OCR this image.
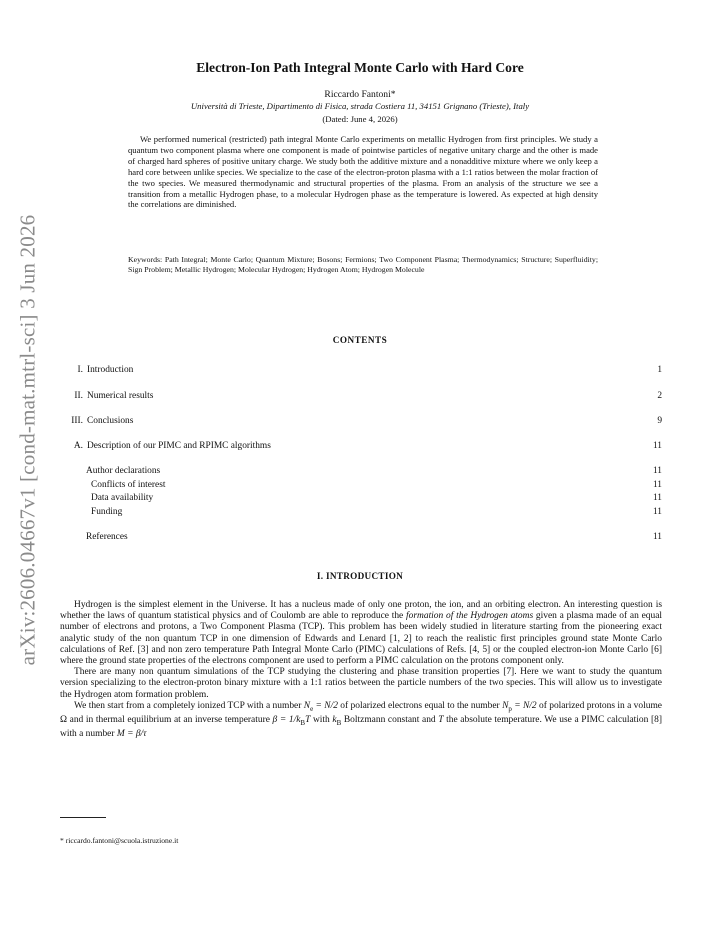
arXiv:2606.04667v1 [cond-mat.mtrl-sci] 3 Jun 2026
Electron-Ion Path Integral Monte Carlo with Hard Core
Riccardo Fantoni*
Università di Trieste, Dipartimento di Fisica, strada Costiera 11, 34151 Grignano (Trieste), Italy
(Dated: June 4, 2026)

We performed numerical (restricted) path integral Monte Carlo experiments on metallic Hydrogen from first principles. We study a quantum two component plasma where one component is made of pointwise particles of negative unitary charge and the other is made of charged hard spheres of positive unitary charge. We study both the additive mixture and a nonadditive mixture where we only keep a hard core between unlike species. We specialize to the case of the electron-proton plasma with a 1:1 ratios between the molar fraction of the two species. We measured thermodynamic and structural properties of the plasma. From an analysis of the structure we see a transition from a metallic Hydrogen phase, to a molecular Hydrogen phase as the temperature is lowered. As expected at high density the correlations are diminished.

Keywords: Path Integral; Monte Carlo; Quantum Mixture; Bosons; Fermions; Two Component Plasma; Thermodynamics; Structure; Superfluidity; Sign Problem; Metallic Hydrogen; Molecular Hydrogen; Hydrogen Atom; Hydrogen Molecule

CONTENTS
I. Introduction	1
II. Numerical results	2
III. Conclusions	9
A. Description of our PIMC and RPIMC algorithms	11
Author declarations	11
Conflicts of interest	11
Data availability	11
Funding	11
References	11
I. INTRODUCTION

Hydrogen is the simplest element in the Universe. It has a nucleus made of only one proton, the ion, and an orbiting electron. An interesting question is whether the laws of quantum statistical physics and of Coulomb are able to reproduce the formation of the Hydrogen atoms given a plasma made of an equal number of electrons and protons, a Two Component Plasma (TCP). This problem has been widely studied in literature starting from the pioneering exact analytic study of the non quantum TCP in one dimension of Edwards and Lenard [1, 2] to reach the realistic first principles ground state Monte Carlo calculations of Ref. [3] and non zero temperature Path Integral Monte Carlo (PIMC) calculations of Refs. [4, 5] or the coupled electron-ion Monte Carlo [6] where the ground state properties of the electrons component are used to perform a PIMC calculation on the protons component only.

There are many non quantum simulations of the TCP studying the clustering and phase transition properties [7]. Here we want to study the quantum version specializing to the electron-proton binary mixture with a 1:1 ratios between the particle numbers of the two species. This will allow us to investigate the Hydrogen atom formation problem.

We then start from a completely ionized TCP with a number $N_e = N/2$ of polarized electrons equal to the number $N_p = N/2$ of polarized protons in a volume Ω and in thermal equilibrium at an inverse temperature $\beta = 1/k_BT$ with $k_B$ Boltzmann constant and T the absolute temperature. We use a PIMC calculation [8] with a number M = β/τ

* riccardo.fantoni@scuola.istruzione.it
